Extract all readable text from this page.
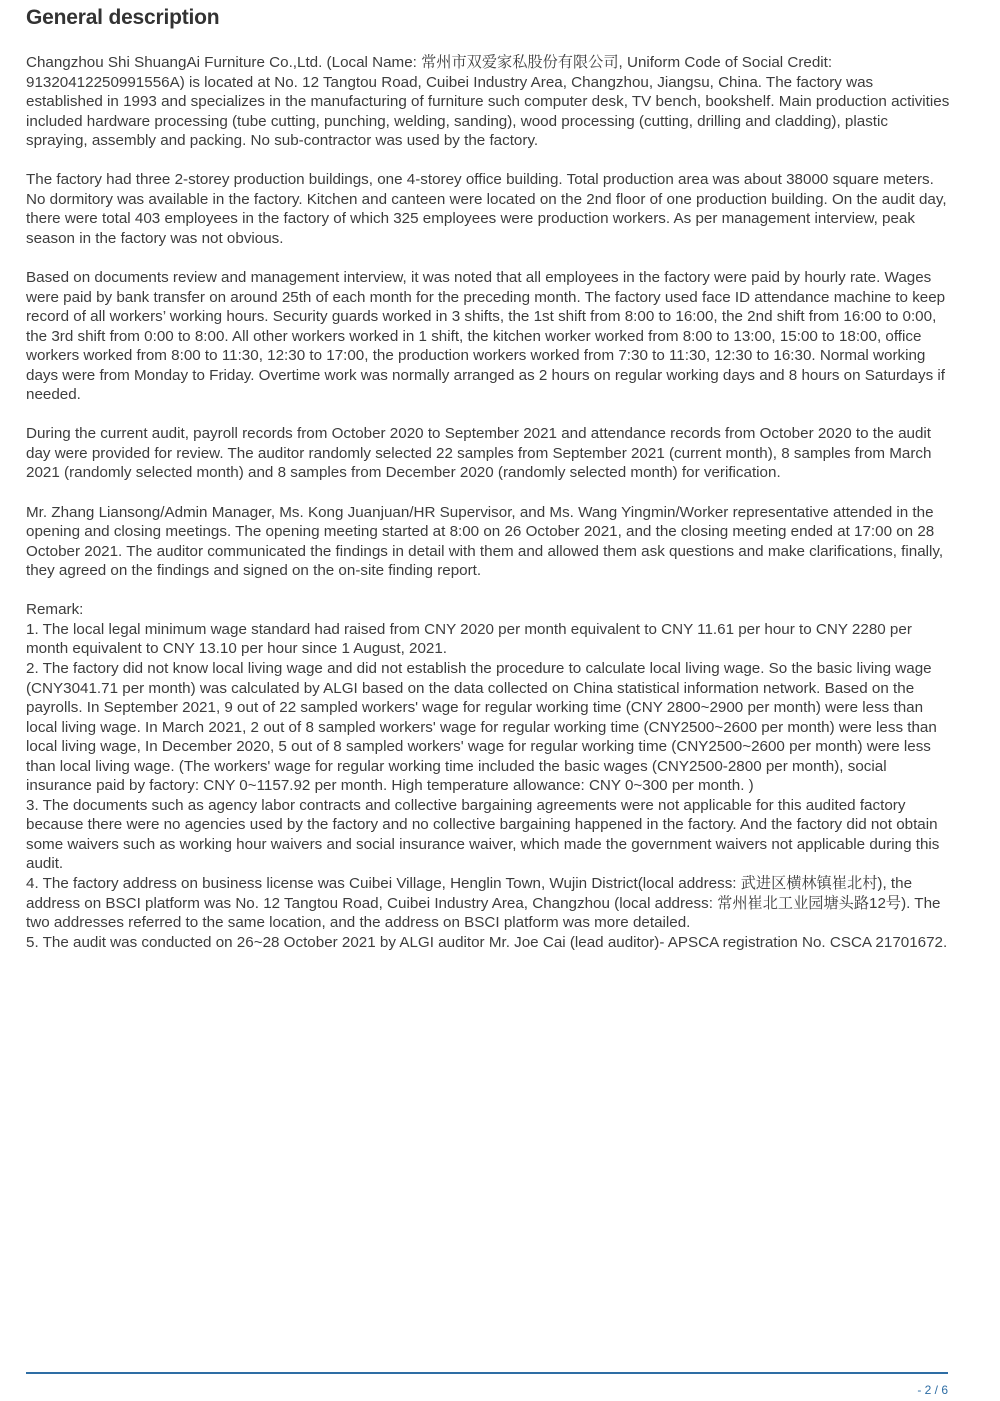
General description

Changzhou Shi ShuangAi Furniture Co.,Ltd. (Local Name: 常州市双爱家私股份有限公司, Uniform Code of Social Credit: 91320412250991556A) is located at No. 12 Tangtou Road, Cuibei Industry Area, Changzhou, Jiangsu, China. The factory was established in 1993 and specializes in the manufacturing of furniture such computer desk, TV bench, bookshelf. Main production activities included hardware processing (tube cutting, punching, welding, sanding), wood processing (cutting, drilling and cladding), plastic spraying, assembly and packing. No sub-contractor was used by the factory.

The factory had three 2-storey production buildings, one 4-storey office building. Total production area was about 38000 square meters. No dormitory was available in the factory. Kitchen and canteen were located on the 2nd floor of one production building. On the audit day, there were total 403 employees in the factory of which 325 employees were production workers. As per management interview, peak season in the factory was not obvious.

Based on documents review and management interview, it was noted that all employees in the factory were paid by hourly rate. Wages were paid by bank transfer on around 25th of each month for the preceding month. The factory used face ID attendance machine to keep record of all workers’ working hours. Security guards worked in 3 shifts, the 1st shift from 8:00 to 16:00, the 2nd shift from 16:00 to 0:00, the 3rd shift from 0:00 to 8:00. All other workers worked in 1 shift, the kitchen worker worked from 8:00 to 13:00, 15:00 to 18:00, office workers worked from 8:00 to 11:30, 12:30 to 17:00, the production workers worked from 7:30 to 11:30, 12:30 to 16:30. Normal working days were from Monday to Friday. Overtime work was normally arranged as 2 hours on regular working days and 8 hours on Saturdays if needed.

During the current audit, payroll records from October 2020 to September 2021 and attendance records from October 2020 to the audit day were provided for review. The auditor randomly selected 22 samples from September 2021 (current month), 8 samples from March 2021 (randomly selected month) and 8 samples from December 2020 (randomly selected month) for verification.

Mr. Zhang Liansong/Admin Manager, Ms. Kong Juanjuan/HR Supervisor, and Ms. Wang Yingmin/Worker representative attended in the opening and closing meetings. The opening meeting started at 8:00 on 26 October 2021, and the closing meeting ended at 17:00 on 28 October 2021. The auditor communicated the findings in detail with them and allowed them ask questions and make clarifications, finally, they agreed on the findings and signed on the on-site finding report.

Remark:

1. The local legal minimum wage standard had raised from CNY 2020 per month equivalent to CNY 11.61 per hour to CNY 2280 per month equivalent to CNY 13.10 per hour since 1 August, 2021.

2. The factory did not know local living wage and did not establish the procedure to calculate local living wage. So the basic living wage (CNY3041.71 per month) was calculated by ALGI based on the data collected on China statistical information network. Based on the payrolls. In September 2021, 9 out of 22 sampled workers' wage for regular working time (CNY 2800~2900 per month) were less than local living wage. In March 2021, 2 out of 8 sampled workers' wage for regular working time (CNY2500~2600 per month) were less than local living wage, In December 2020, 5 out of 8 sampled workers' wage for regular working time (CNY2500~2600 per month) were less than local living wage. (The workers' wage for regular working time included the basic wages (CNY2500-2800 per month), social insurance paid by factory: CNY 0~1157.92 per month. High temperature allowance: CNY 0~300 per month. )

3. The documents such as agency labor contracts and collective bargaining agreements were not applicable for this audited factory because there were no agencies used by the factory and no collective bargaining happened in the factory. And the factory did not obtain some waivers such as working hour waivers and social insurance waiver, which made the government waivers not applicable during this audit.

4. The factory address on business license was Cuibei Village, Henglin Town, Wujin District(local address: 武进区横林镇崔北村), the address on BSCI platform was No. 12 Tangtou Road, Cuibei Industry Area, Changzhou (local address: 常州崔北工业园塘头路12号). The two addresses referred to the same location, and the address on BSCI platform was more detailed.

5. The audit was conducted on 26~28 October 2021 by ALGI auditor Mr. Joe Cai (lead auditor)- APSCA registration No. CSCA 21701672.

- 2 / 6
